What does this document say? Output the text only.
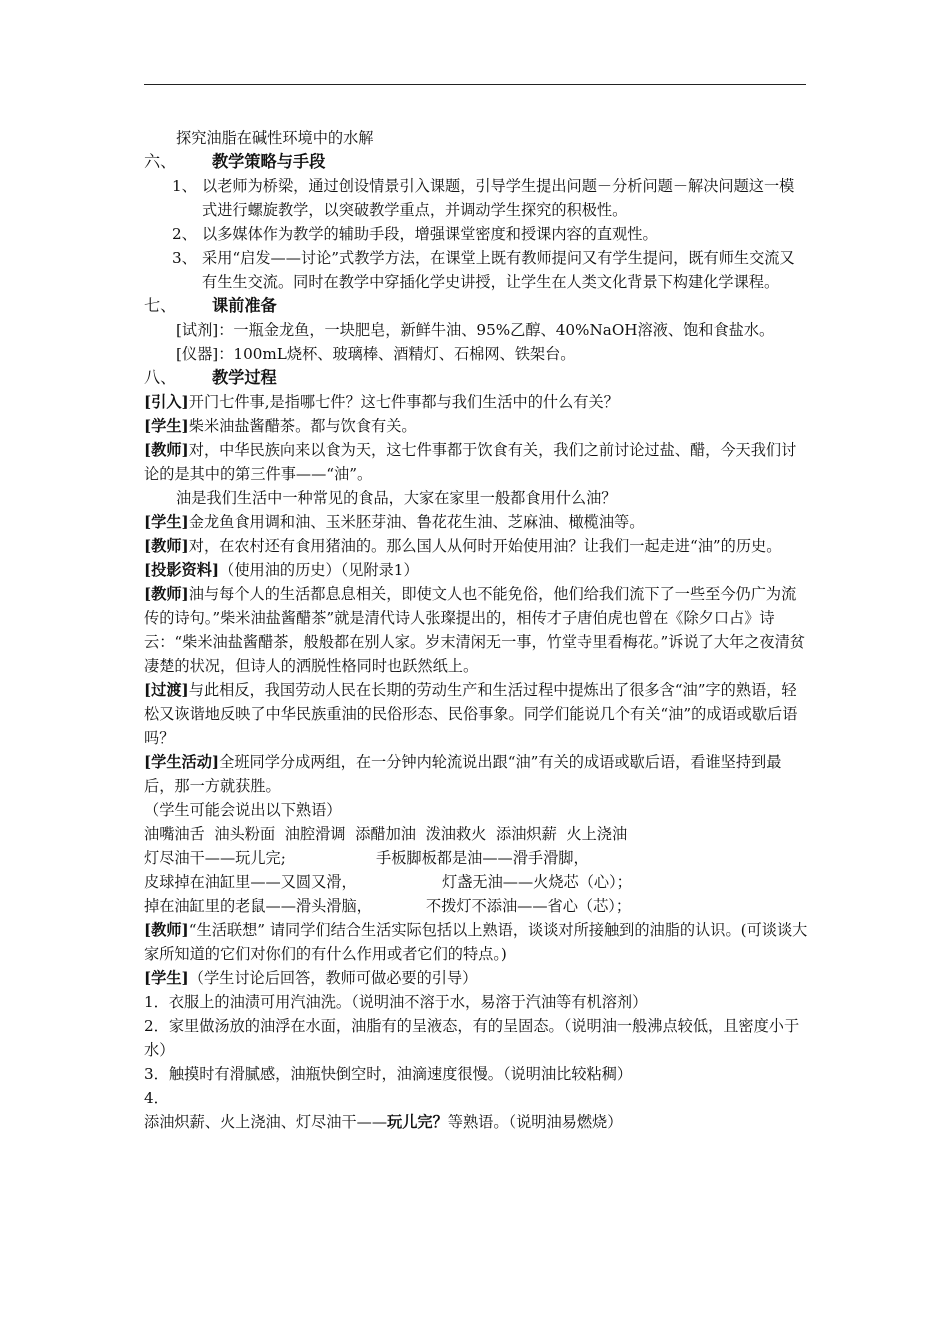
探究油脂在碱性环境中的水解
六、	教学策略与手段
1、 以老师为桥梁，通过创设情景引入课题，引导学生提出问题－分析问题－解决问题这一模式进行螺旋教学，以突破教学重点，并调动学生探究的积极性。
2、 以多媒体作为教学的辅助手段，增强课堂密度和授课内容的直观性。
3、 采用“启发——讨论”式教学方法，在课堂上既有教师提问又有学生提问，既有师生交流又有生生交流。同时在教学中穿插化学史讲授，让学生在人类文化背景下构建化学课程。
七、	课前准备
[试剂]：一瓶金龙鱼，一块肥皂，新鲜牛油、95%乙醇、40%NaOH溶液、饱和食盐水。
[仪器]：100mL烧杯、玻璃棒、酒精灯、石棉网、铁架台。
八、	教学过程
[引入]开门七件事,是指哪七件？这七件事都与我们生活中的什么有关？
[学生]柴米油盐酱醋茶。都与饮食有关。
[教师]对，中华民族向来以食为天，这七件事都于饮食有关，我们之前讨论过盐、醋，今天我们讨论的是其中的第三件事——“油”。
油是我们生活中一种常见的食品，大家在家里一般都食用什么油？
[学生]金龙鱼食用调和油、玉米胚芽油、鲁花花生油、芝麻油、橄榄油等。
[教师]对，在农村还有食用猪油的。那么国人从何时开始使用油？让我们一起走进“油”的历史。
[投影资料]（使用油的历史）（见附录1）
[教师]油与每个人的生活都息息相关，即使文人也不能免俗，他们给我们流下了一些至今仍广为流传的诗句。”柴米油盐酱醋茶”就是清代诗人张璨提出的，相传才子唐伯虎也曾在《除夕口占》诗云：“柴米油盐酱醋茶，般般都在别人家。岁末清闲无一事，竹堂寺里看梅花。”诉说了大年之夜清贫凄楚的状况，但诗人的洒脱性格同时也跃然纸上。
[过渡]与此相反，我国劳动人民在长期的劳动生产和生活过程中提炼出了很多含“油”字的熟语，轻松又诙谐地反映了中华民族重油的民俗形态、民俗事象。同学们能说几个有关“油”的成语或歇后语吗？
[学生活动]全班同学分成两组，在一分钟内轮流说出跟“油”有关的成语或歇后语，看谁坚持到最后，那一方就获胜。
（学生可能会说出以下熟语）
油嘴油舌  油头粉面  油腔滑调  添醋加油  泼油救火  添油炽薪  火上浇油
灯尽油干——玩儿完;	手板脚板都是油——滑手滑脚，
皮球掉在油缸里——又圆又滑，	灯盏无油——火烧芯（心）；
掉在油缸里的老鼠——滑头滑脑，	不拨灯不添油——省心（芯）；
[教师]“生活联想” 请同学们结合生活实际包括以上熟语，谈谈对所接触到的油脂的认识。(可谈谈大家所知道的它们对你们的有什么作用或者它们的特点。)
[学生]（学生讨论后回答，教师可做必要的引导）
1．衣服上的油渍可用汽油洗。（说明油不溶于水，易溶于汽油等有机溶剂）
2．家里做汤放的油浮在水面，油脂有的呈液态，有的呈固态。（说明油一般沸点较低，且密度小于水）
3．触摸时有滑腻感，油瓶快倒空时，油滴速度很慢。（说明油比较粘稠）
4．
添油炽薪、火上浇油、灯尽油干——玩儿完？等熟语。（说明油易燃烧）
